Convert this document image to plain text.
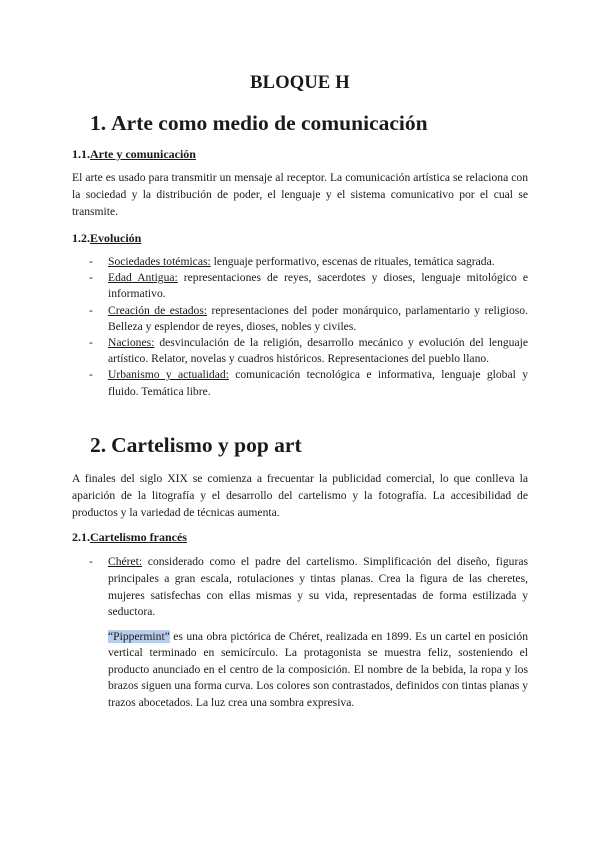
BLOQUE H
1. Arte como medio de comunicación
1.1.Arte y comunicación
El arte es usado para transmitir un mensaje al receptor. La comunicación artística se relaciona con la sociedad y la distribución de poder, el lenguaje y el sistema comunicativo por el cual se transmite.
1.2.Evolución
- Sociedades totémicas: lenguaje performativo, escenas de rituales, temática sagrada.
- Edad Antigua: representaciones de reyes, sacerdotes y dioses, lenguaje mitológico e informativo.
- Creación de estados: representaciones del poder monárquico, parlamentario y religioso. Belleza y esplendor de reyes, dioses, nobles y civiles.
- Naciones: desvinculación de la religión, desarrollo mecánico y evolución del lenguaje artístico. Relator, novelas y cuadros históricos. Representaciones del pueblo llano.
- Urbanismo y actualidad: comunicación tecnológica e informativa, lenguaje global y fluido. Temática libre.
2. Cartelismo y pop art
A finales del siglo XIX se comienza a frecuentar la publicidad comercial, lo que conlleva la aparición de la litografía y el desarrollo del cartelismo y la fotografía. La accesibilidad de productos y la variedad de técnicas aumenta.
2.1.Cartelismo francés
- Chéret: considerado como el padre del cartelismo. Simplificación del diseño, figuras principales a gran escala, rotulaciones y tintas planas. Crea la figura de las cheretes, mujeres satisfechas con ellas mismas y su vida, representadas de forma estilizada y seductora.
“Pippermint” es una obra pictórica de Chéret, realizada en 1899. Es un cartel en posición vertical terminado en semicírculo. La protagonista se muestra feliz, sosteniendo el producto anunciado en el centro de la composición. El nombre de la bebida, la ropa y los brazos siguen una forma curva. Los colores son contrastados, definidos con tintas planas y trazos abocetados. La luz crea una sombra expresiva.
